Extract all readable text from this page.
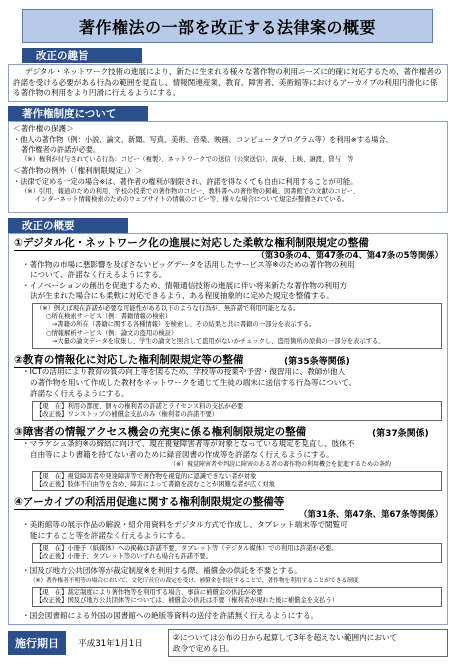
著作権法の一部を改正する法律案の概要
改正の趣旨
デジタル・ネットワーク技術の進展により、新たに生まれる様々な著作物の利用ニーズに的確に対応するため、著作権者の許諾を受ける必要がある行為の範囲を見直し、情報関連産業、教育、障害者、美術館等におけるアーカイブの利用円滑化に係る著作物の利用をより円滑に行えるようにする。
著作権制度について
＜著作権の保護＞
・他人の著作物（例：小説、論文、新聞、写真、美術、音楽、映画、コンピュータプログラム等）を利用※する場合、
著作権者の許諾が必要。
（※）権利が付与されている行為：コピー（複製）、ネットワークでの送信（公衆送信）、演奏、上映、譲渡、貸与　等
＜著作物の例外（「権利制限規定」）＞
・法律で定める一定の場合※は、著作者の権利が制限され、許諾を得なくても自由に利用することが可能。
（※）引用、報道のための利用、学校の授業での著作物のコピー、教科書への著作物の掲載、図書館での文献のコピー、
インターネット情報検索のためのウェブサイトの情報のコピー等、様々な場合について規定が整備されている。
改正の概要
①デジタル化・ネットワーク化の進展に対応した柔軟な権利制限規定の整備
（第30条の4、第47条の4、第47条の5等関係）
・著作物の市場に悪影響を及ぼさないビッグデータを活用したサービス等※のための著作物の利用
について、許諾なく行えるようにする。
・イノベーションの創出を促進するため、情報通信技術の進展に伴い将来新たな著作物の利用方
法が生まれた場合にも柔軟に対応できるよう、ある程度抽象的に定めた規定を整備する。
（※）例えば現在許諾が必要な可能性がある以下のような行為が、無許諾で利用可能となる。
○所在検索サービス（例：書籍情報の検索）
→書籍の所在（書籍に関する各種情報）を検索し、その結果と共に書籍の一部分を表示する。
○情報解析サービス（例：論文の盗用の検証）
→大量の論文データを収集し、学生の論文と照合して盗用がないかチェックし、盗用箇所の原典の一部分を表示する。
②教育の情報化に対応した権利制限規定等の整備	(第35条等関係)
・ICTの活用により教育の質の向上等を図るため、学校等の授業や予習・復習用に、教師が他人
の著作物を用いて作成した教材をネットワークを通じて生徒の端末に送信する行為等について、
許諾なく行えるようにする。
【現　在】利用の都度、個々の権利者の許諾とライセンス料の支払が必要
【改正後】ワンストップの補償金支払のみ（権利者の許諾不要）
③障害者の情報アクセス機会の充実に係る権利制限規定の整備	(第37条関係)
・マラケシュ条約※の締結に向けて、現在視覚障害者等が対象となっている規定を見直し、肢体不
自由等により書籍を持てない者のために録音図書の作成等を許諾なく行えるようにする。
（※）視覚障害者や判読に障害のある者の著作物の利用機会を促進するための条約
【現　在】視覚障害者や発達障害等で著作物を視覚的に認識できない者が対象
【改正後】肢体不自由等を含め、障害によって書籍を読むことが困難な者が広く対象
④アーカイブの利活用促進に関する権利制限規定の整備等
（第31条、第47条、第67条等関係）
・美術館等の展示作品の解説・紹介用資料をデジタル方式で作成し、タブレット端末等で閲覧可
能にすること等を許諾なく行えるようにする。
【現　在】小冊子（紙媒体）への掲載は許諾不要、タブレット等（デジタル媒体）での利用は許諾が必要。
【改正後】小冊子、タブレット等のいずれも場合も許諾不要。
・国及び地方公共団体等が裁定制度※を利用する際、補償金の供託を不要とする。
（※）著作権者不明等の場合において、文化庁長官の裁定を受け、補償金を供託することで、著作物を利用することができる制度
【現　在】裁定制度により著作物等を利用する場合、事前に補償金の供託が必要
【改正後】国及び地方公共団体等については、補償金の供託は不要（権利者が現れた後に補償金を支払う）
・国会図書館による外国の図書館への絶版等資料の送付を許諾無く行えるようにする。
施行期日	平成31年1月1日
②については公布の日から起算して3年を超えない範囲内において
政令で定める日。
